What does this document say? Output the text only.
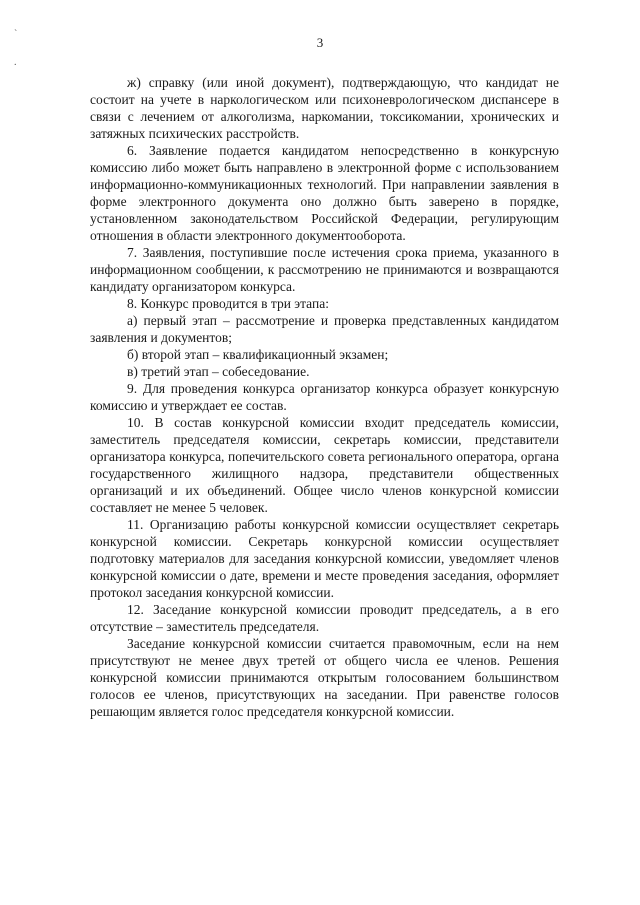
`
.
3

ж) справку (или иной документ), подтверждающую, что кандидат не состоит на учете в наркологическом или психоневрологическом диспансере в связи с лечением от алкоголизма, наркомании, токсикомании, хронических и затяжных психических расстройств.

6. Заявление подается кандидатом непосредственно в конкурсную комиссию либо может быть направлено в электронной форме с использованием информационно-коммуникационных технологий. При направлении заявления в форме электронного документа оно должно быть заверено в порядке, установленном законодательством Российской Федерации, регулирующим отношения в области электронного документооборота.

7. Заявления, поступившие после истечения срока приема, указанного в информационном сообщении, к рассмотрению не принимаются и возвращаются кандидату организатором конкурса.

8. Конкурс проводится в три этапа:

а) первый этап – рассмотрение и проверка представленных кандидатом заявления и документов;

б) второй этап – квалификационный экзамен;

в) третий этап – собеседование.

9. Для проведения конкурса организатор конкурса образует конкурсную комиссию и утверждает ее состав.

10. В состав конкурсной комиссии входит председатель комиссии, заместитель председателя комиссии, секретарь комиссии, представители организатора конкурса, попечительского совета регионального оператора, органа государственного жилищного надзора, представители общественных организаций и их объединений. Общее число членов конкурсной комиссии составляет не менее 5 человек.

11. Организацию работы конкурсной комиссии осуществляет секретарь конкурсной комиссии. Секретарь конкурсной комиссии осуществляет подготовку материалов для заседания конкурсной комиссии, уведомляет членов конкурсной комиссии о дате, времени и месте проведения заседания, оформляет протокол заседания конкурсной комиссии.

12. Заседание конкурсной комиссии проводит председатель, а в его отсутствие – заместитель председателя.

Заседание конкурсной комиссии считается правомочным, если на нем присутствуют не менее двух третей от общего числа ее членов. Решения конкурсной комиссии принимаются открытым голосованием большинством голосов ее членов, присутствующих на заседании. При равенстве голосов решающим является голос председателя конкурсной комиссии.
